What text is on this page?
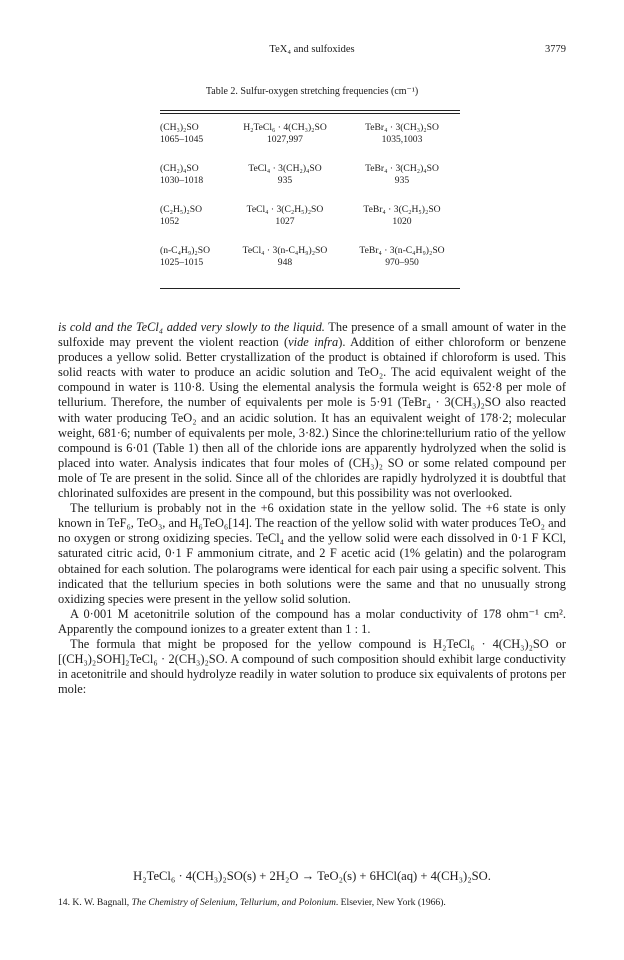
TeX₄ and sulfoxides	3779
Table 2. Sulfur-oxygen stretching frequencies (cm⁻¹)
(CH₃)₂SO	H₂TeCl₆ · 4(CH₃)₂SO	TeBr₄ · 3(CH₃)₂SO
1065–1045	1027,997	1035,1003

(CH₂)₄SO	TeCl₄ · 3(CH₂)₄SO	TeBr₄ · 3(CH₂)₄SO
1030–1018	935	935

(C₂H₅)₂SO	TeCl₄ · 3(C₂H₅)₂SO	TeBr₄ · 3(C₂H₅)₂SO
1052	1027	1020

(n-C₄H₉)₂SO	TeCl₄ · 3(n-C₄H₉)₂SO	TeBr₄ · 3(n-C₄H₉)₂SO
1025–1015	948	970–950

is cold and the TeCl₄ added very slowly to the liquid. The presence of a small amount of water in the sulfoxide may prevent the violent reaction (vide infra). Addition of either chloroform or benzene produces a yellow solid. Better crystallization of the product is obtained if chloroform is used. This solid reacts with water to produce an acidic solution and TeO₂. The acid equivalent weight of the compound in water is 110·8. Using the elemental analysis the formula weight is 652·8 per mole of tellurium. Therefore, the number of equivalents per mole is 5·91 (TeBr₄ · 3(CH₃)₂SO also reacted with water producing TeO₂ and an acidic solution. It has an equivalent weight of 178·2; molecular weight, 681·6; number of equivalents per mole, 3·82.) Since the chlorine:tellurium ratio of the yellow compound is 6·01 (Table 1) then all of the chloride ions are apparently hydrolyzed when the solid is placed into water. Analysis indicates that four moles of (CH₃)₂ SO or some related compound per mole of Te are present in the solid. Since all of the chlorides are rapidly hydrolyzed it is doubtful that chlorinated sulfoxides are present in the compound, but this possibility was not overlooked.

The tellurium is probably not in the +6 oxidation state in the yellow solid. The +6 state is only known in TeF₆, TeO₃, and H₆TeO₆[14]. The reaction of the yellow solid with water produces TeO₂ and no oxygen or strong oxidizing species. TeCl₄ and the yellow solid were each dissolved in 0·1 F KCl, saturated citric acid, 0·1 F ammonium citrate, and 2 F acetic acid (1% gelatin) and the polarogram obtained for each solution. The polarograms were identical for each pair using a specific solvent. This indicated that the tellurium species in both solutions were the same and that no unusually strong oxidizing species were present in the yellow solid solution.

A 0·001 M acetonitrile solution of the compound has a molar conductivity of 178 ohm⁻¹ cm². Apparently the compound ionizes to a greater extent than 1 : 1.

The formula that might be proposed for the yellow compound is H₂TeCl₆ · 4(CH₃)₂SO or [(CH₃)₂SOH]₂TeCl₆ · 2(CH₃)₂SO. A compound of such composition should exhibit large conductivity in acetonitrile and should hydrolyze readily in water solution to produce six equivalents of protons per mole:

H₂TeCl₆ · 4(CH₃)₂SO(s) + 2H₂O → TeO₂(s) + 6HCl(aq) + 4(CH₃)₂SO.
14. K. W. Bagnall, The Chemistry of Selenium, Tellurium, and Polonium. Elsevier, New York (1966).
